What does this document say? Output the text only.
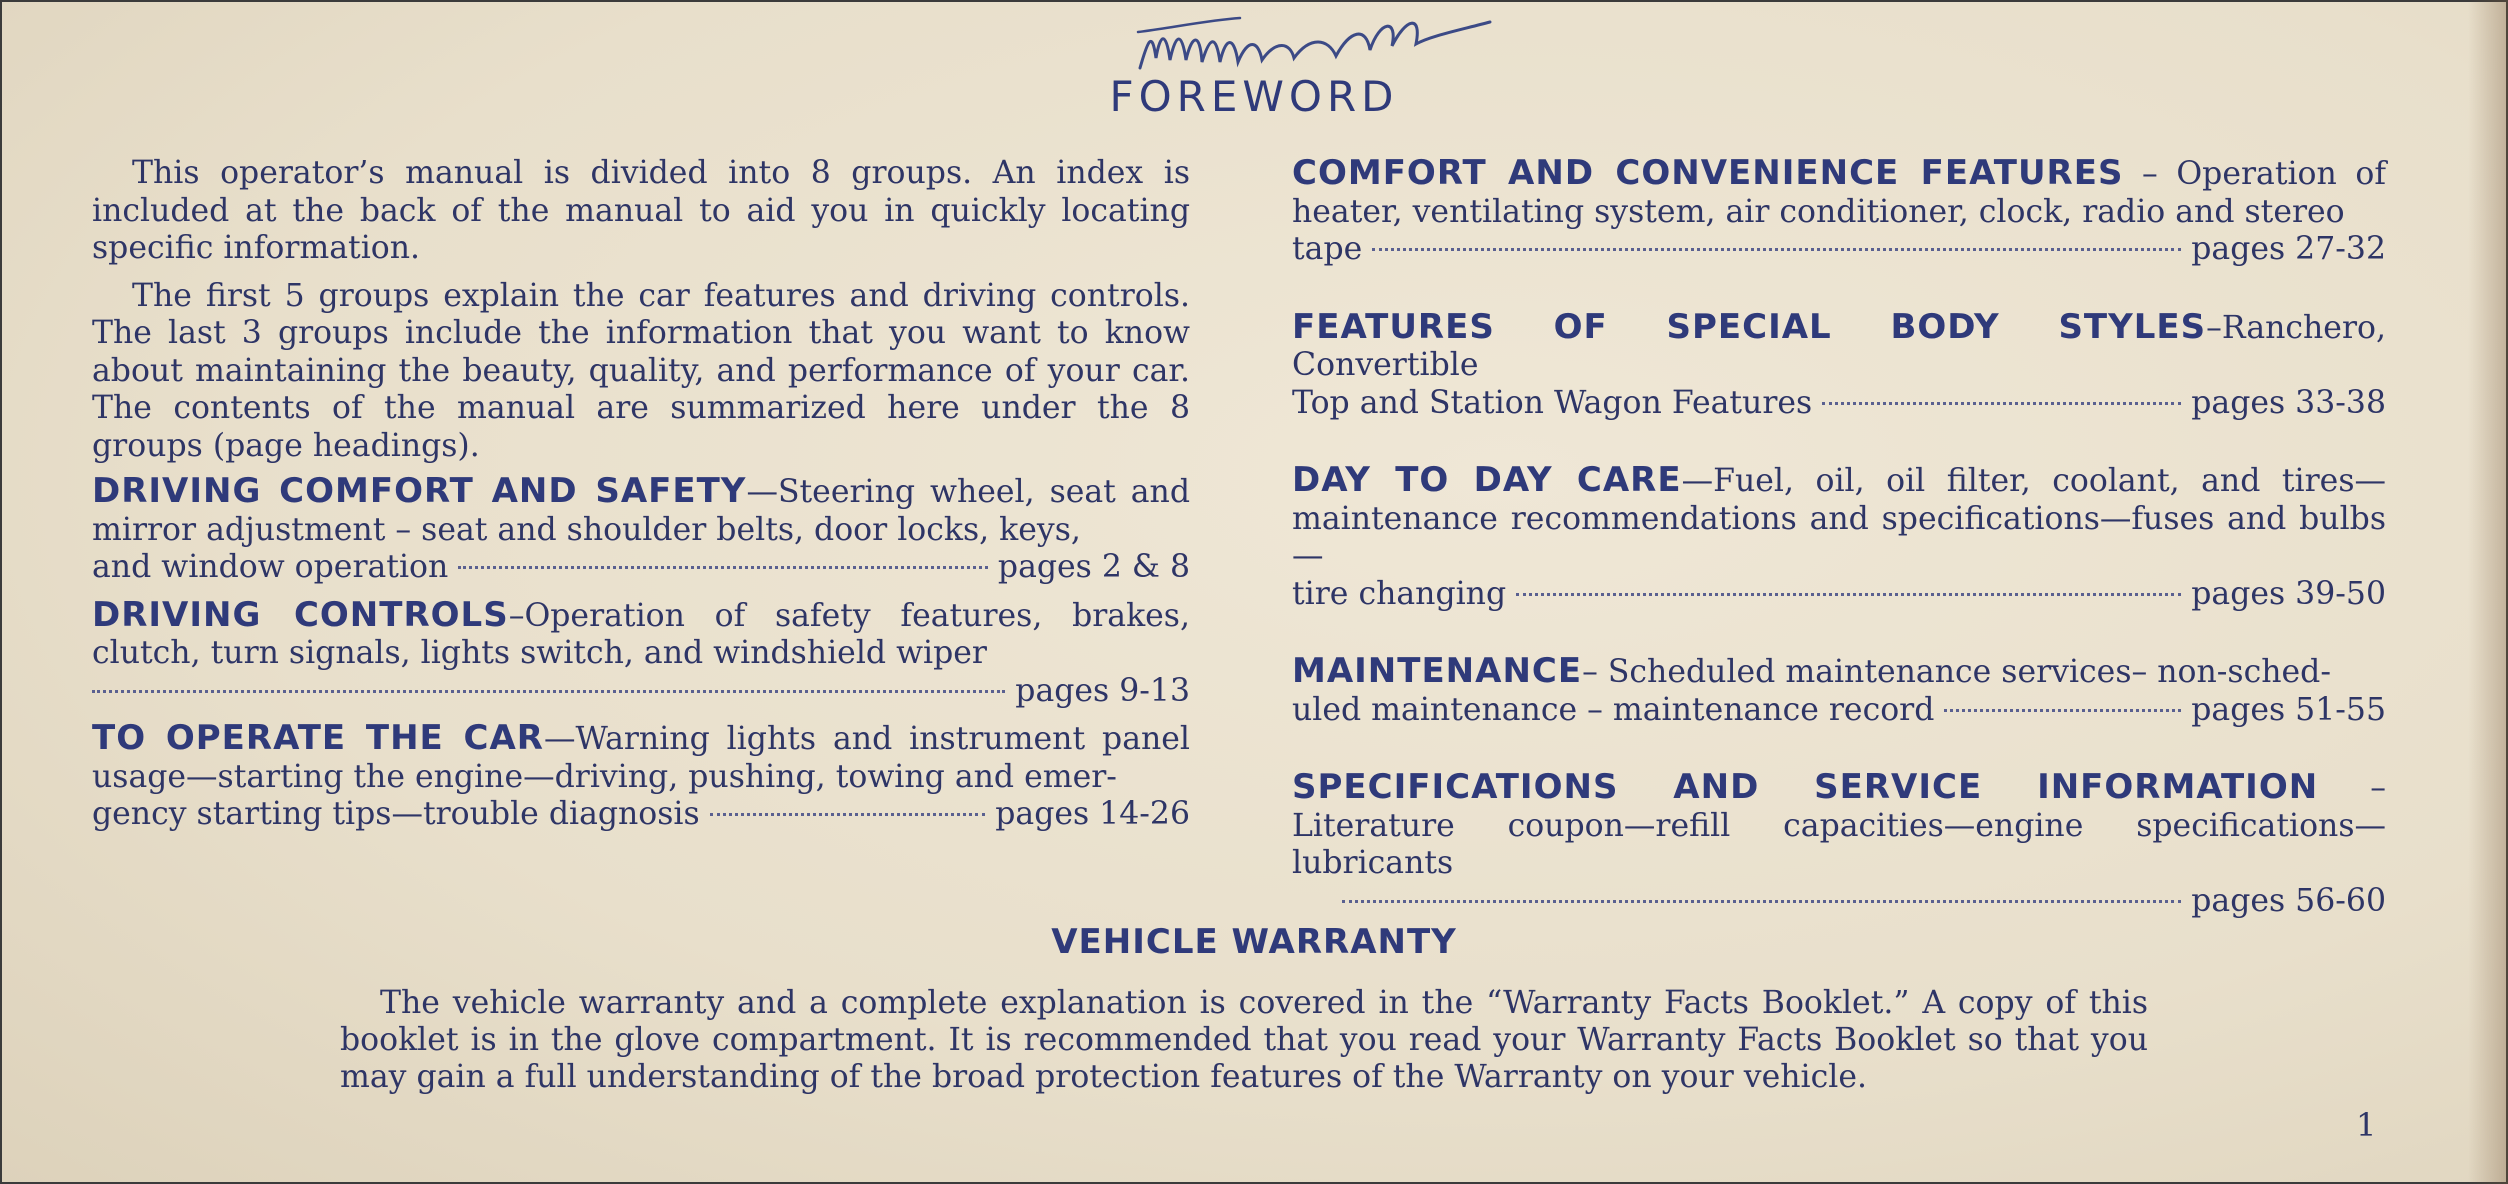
FOREWORD

This operator’s manual is divided into 8 groups. An index is included at the back of the manual to aid you in quickly locating specific information.

The first 5 groups explain the car features and driving controls. The last 3 groups include the information that you want to know about maintaining the beauty, quality, and performance of your car. The contents of the manual are summarized here under the 8 groups (page headings).

DRIVING COMFORT AND SAFETY—Steering wheel, seat and mirror adjustment – seat and shoulder belts, door locks, keys,

and window operation	pages 2 & 8

DRIVING CONTROLS–Operation of safety features, brakes, clutch, turn signals, lights switch, and windshield wiper

pages 9-13

TO OPERATE THE CAR—Warning lights and instrument panel usage—starting the engine—driving, pushing, towing and emer-

gency starting tips—trouble diagnosis	pages 14-26

COMFORT AND CONVENIENCE FEATURES – Operation of heater, ventilating system, air conditioner, clock, radio and stereo

tape	pages 27-32

FEATURES OF SPECIAL BODY STYLES–Ranchero, Convertible

Top and Station Wagon Features	pages 33-38

DAY TO DAY CARE—Fuel, oil, oil filter, coolant, and tires—maintenance recommendations and specifications—fuses and bulbs—

tire changing	pages 39-50

MAINTENANCE– Scheduled maintenance services– non-sched-

uled maintenance – maintenance record	pages 51-55

SPECIFICATIONS AND SERVICE INFORMATION – Literature coupon—refill capacities—engine specifications—lubricants

pages 56-60
VEHICLE WARRANTY

The vehicle warranty and a complete explanation is covered in the “Warranty Facts Booklet.” A copy of this booklet is in the glove compartment. It is recommended that you read your Warranty Facts Booklet so that you may gain a full understanding of the broad protection features of the Warranty on your vehicle.

1
